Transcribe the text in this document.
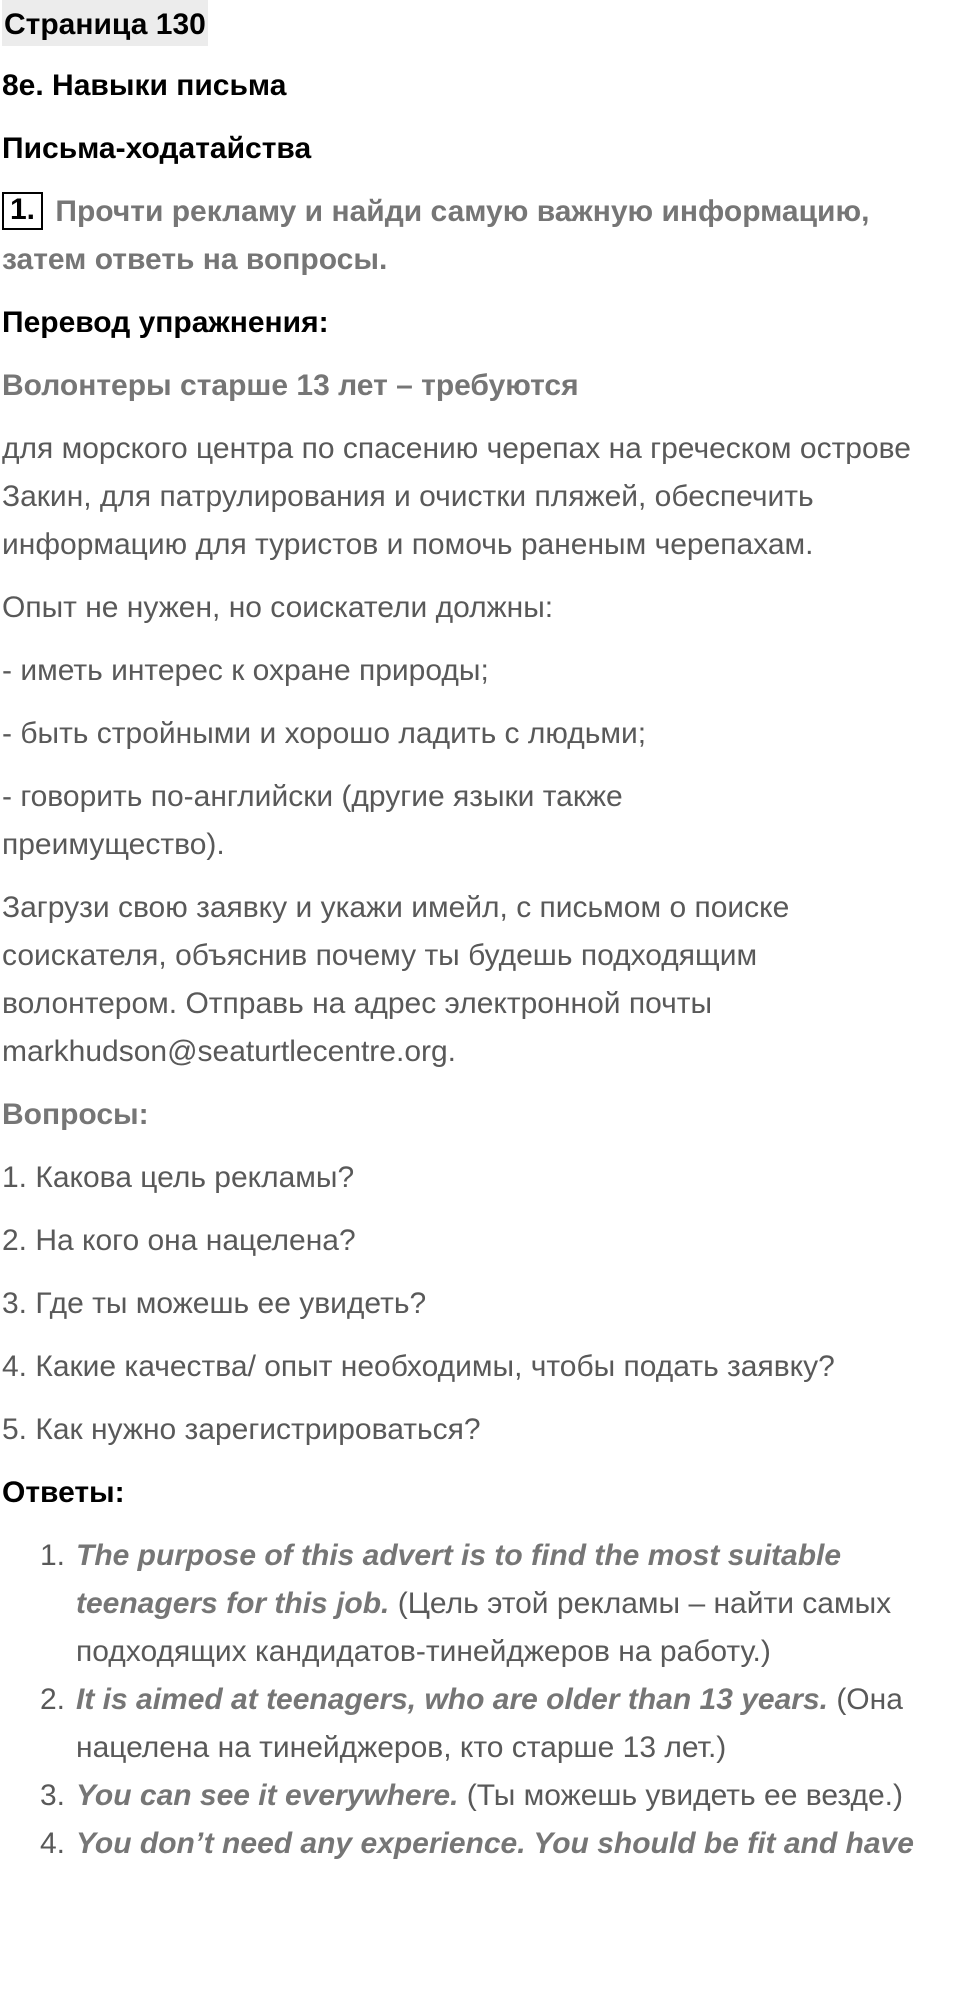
Страница 130

8e. Навыки письма

Письма-ходатайства

1. Прочти рекламу и найди самую важную информацию, затем ответь на вопросы.

Перевод упражнения:

Волонтеры старше 13 лет – требуются

для морского центра по спасению черепах на греческом острове Закин, для патрулирования и очистки пляжей, обеспечить информацию для туристов и помочь раненым черепахам.

Опыт не нужен, но соискатели должны:

- иметь интерес к охране природы;

- быть стройными и хорошо ладить с людьми;

- говорить по-английски (другие языки также преимущество).

Загрузи свою заявку и укажи имейл, с письмом о поиске соискателя, объяснив почему ты будешь подходящим волонтером. Отправь на адрес электронной почты markhudson@seaturtlecentre.org.

Вопросы:

1. Какова цель рекламы?

2. На кого она нацелена?

3. Где ты можешь ее увидеть?

4. Какие качества/ опыт необходимы, чтобы подать заявку?

5. Как нужно зарегистрироваться?

Ответы:

1. The purpose of this advert is to find the most suitable teenagers for this job. (Цель этой рекламы – найти самых подходящих кандидатов-тинейджеров на работу.)
2. It is aimed at teenagers, who are older than 13 years. (Она нацелена на тинейджеров, кто старше 13 лет.)
3. You can see it everywhere. (Ты можешь увидеть ее везде.)
4. You don’t need any experience. You should be fit and have
